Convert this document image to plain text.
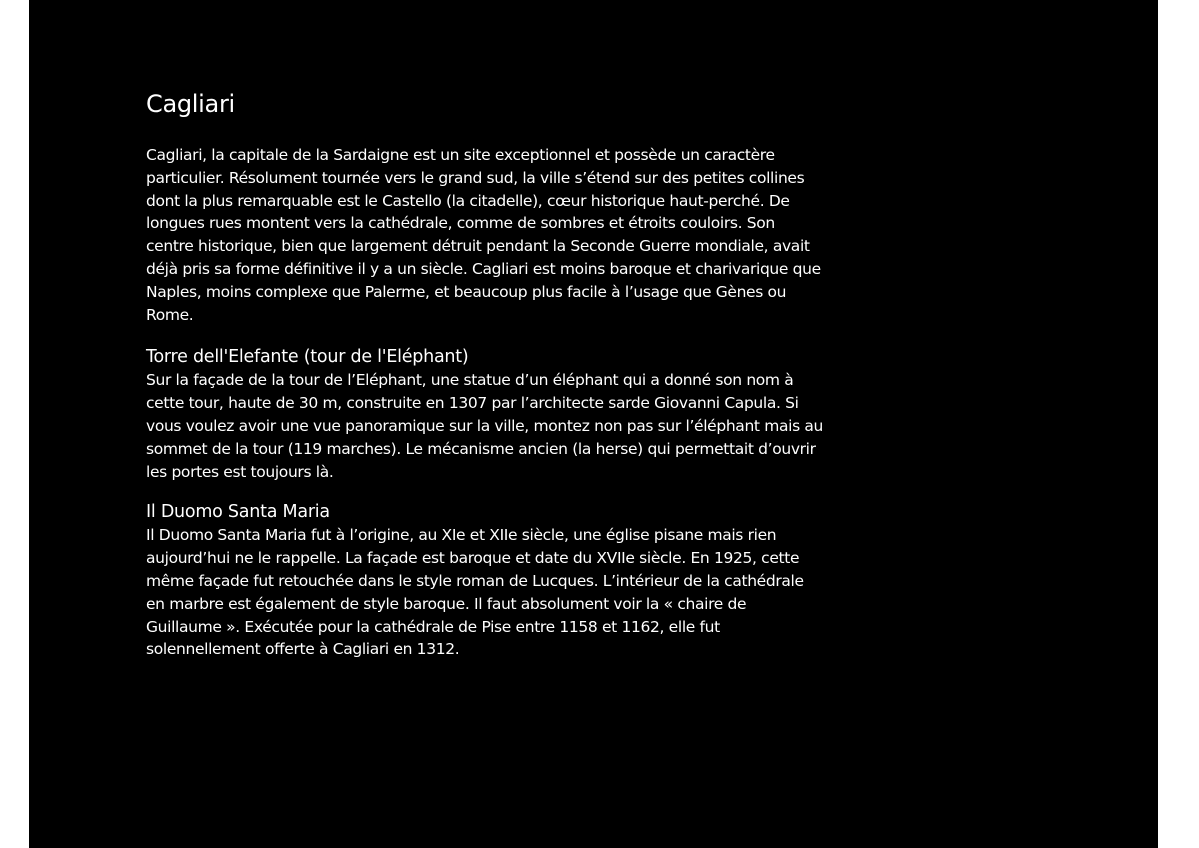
Cagliari

Cagliari, la capitale de la Sardaigne est un site exceptionnel et possède un caractère particulier. Résolument tournée vers le grand sud, la ville s’étend sur des petites collines dont la plus remarquable est le Castello (la citadelle), cœur historique haut-perché. De longues rues montent vers la cathédrale, comme de sombres et étroits couloirs. Son centre historique, bien que largement détruit pendant la Seconde Guerre mondiale, avait déjà pris sa forme définitive il y a un siècle. Cagliari est moins baroque et charivarique que Naples, moins complexe que Palerme, et beaucoup plus facile à l’usage que Gènes ou Rome.

Torre dell'Elefante (tour de l'Eléphant)

Sur la façade de la tour de l’Eléphant, une statue d’un éléphant qui a donné son nom à cette tour, haute de 30 m, construite en 1307 par l’architecte sarde Giovanni Capula. Si vous voulez avoir une vue panoramique sur la ville, montez non pas sur l’éléphant mais au sommet de la tour (119 marches). Le mécanisme ancien (la herse) qui permettait d’ouvrir les portes est toujours là.

Il Duomo Santa Maria

Il Duomo Santa Maria fut à l’origine, au XIe et XIIe siècle, une église pisane mais rien aujourd’hui ne le rappelle. La façade est baroque et date du XVIIe siècle. En 1925, cette même façade fut retouchée dans le style roman de Lucques. L’intérieur de la cathédrale en marbre est également de style baroque. Il faut absolument voir la « chaire de Guillaume ». Exécutée pour la cathédrale de Pise entre 1158 et 1162, elle fut solennellement offerte à Cagliari en 1312.
